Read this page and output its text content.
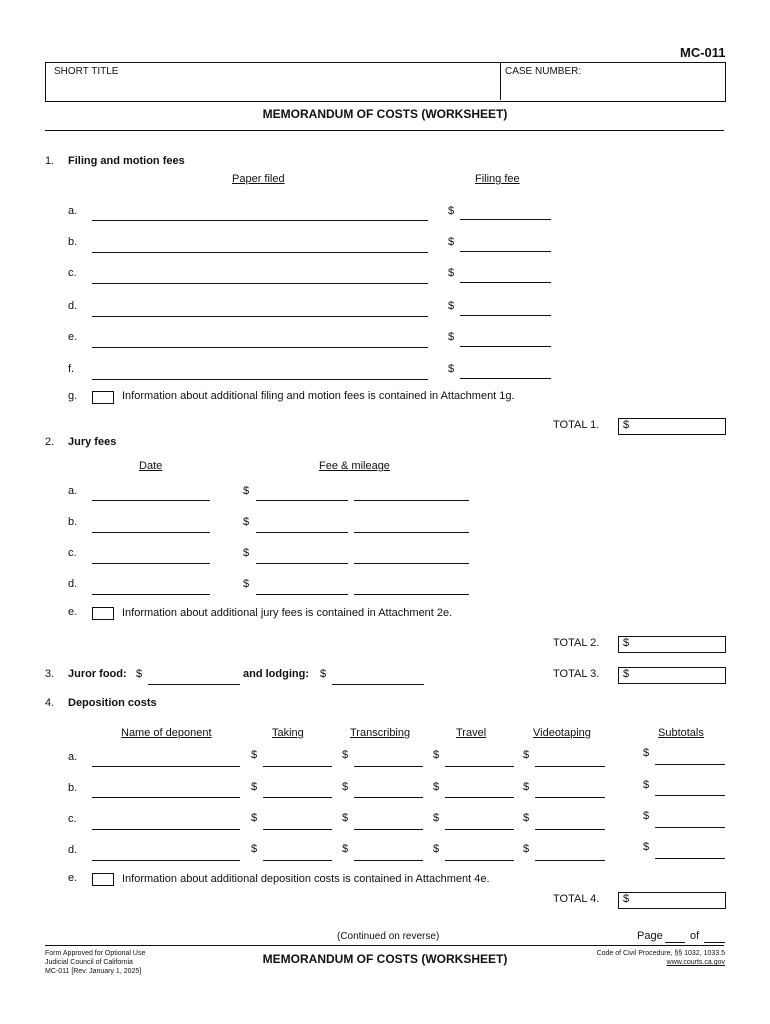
MC-011
SHORT TITLE	CASE NUMBER:
MEMORANDUM OF COSTS (WORKSHEET)
1. Filing and motion fees
Paper filed	Filing fee
a.	$
b.	$
c.	$
d.	$
e.	$
f.	$
g.	Information about additional filing and motion fees is contained in Attachment 1g.
TOTAL 1. $
2. Jury fees
Date	Fee & mileage
a.	$
b.	$
c.	$
d.	$
e.	Information about additional jury fees is contained in Attachment 2e.
TOTAL 2. $
3. Juror food: $	and lodging: $	TOTAL 3. $
4. Deposition costs
Name of deponent	Taking	Transcribing	Travel	Videotaping	Subtotals
a.	$	$	$	$	$
b.	$	$	$	$	$
c.	$	$	$	$	$
d.	$	$	$	$	$
e.	Information about additional deposition costs is contained in Attachment 4e.
TOTAL 4. $
(Continued on reverse)	Page of
Form Approved for Optional Use
Judicial Council of California
MC-011 [Rev. January 1, 2025]
MEMORANDUM OF COSTS (WORKSHEET)	Code of Civil Procedure, §§ 1032, 1033.5
www.courts.ca.gov
